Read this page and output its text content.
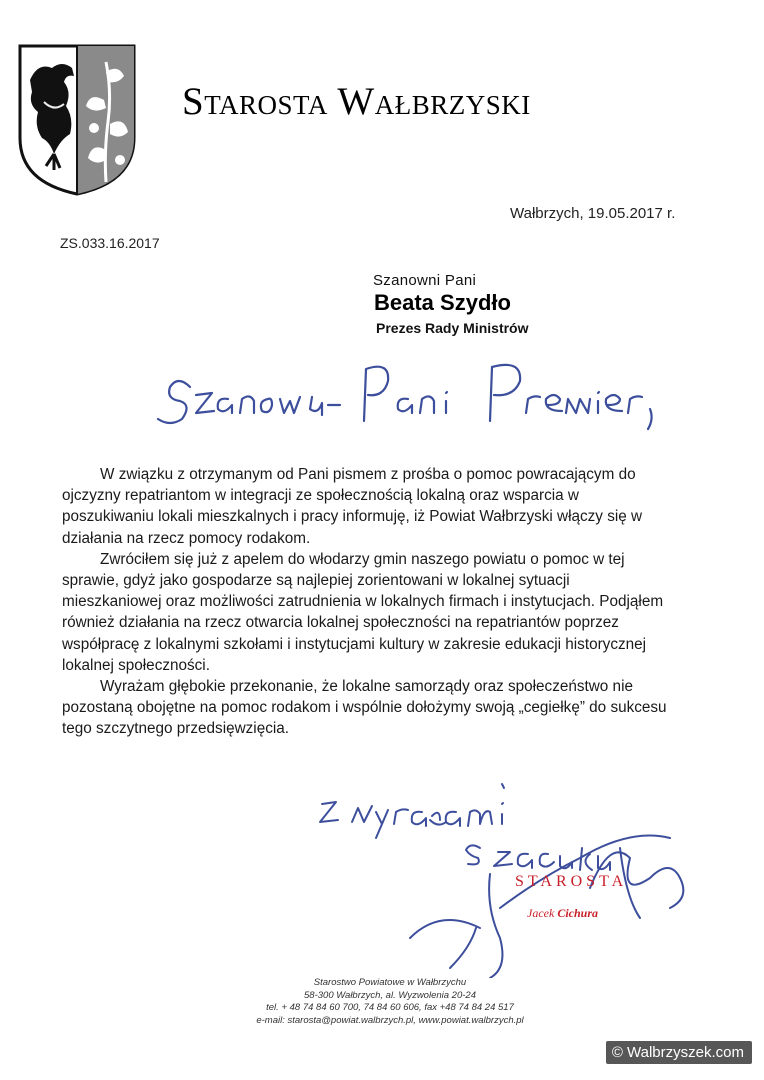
Starosta Wałbrzyski
Wałbrzych, 19.05.2017 r.
ZS.033.16.2017
Szanowni Pani
Beata Szydło
Prezes Rady Ministrów

W związku z otrzymanym od Pani pismem z prośba o pomoc powracającym do ojczyzny repatriantom w integracji ze społecznością lokalną oraz wsparcia w poszukiwaniu lokali mieszkalnych i pracy informuję, iż Powiat Wałbrzyski włączy się w działania na rzecz pomocy rodakom.

Zwróciłem się już z apelem do włodarzy gmin naszego powiatu o pomoc w tej sprawie, gdyż jako gospodarze są najlepiej zorientowani w lokalnej sytuacji mieszkaniowej oraz możliwości zatrudnienia w lokalnych firmach i instytucjach. Podjąłem również działania na rzecz otwarcia lokalnej społeczności na repatriantów poprzez współpracę z lokalnymi szkołami i instytucjami kultury w zakresie edukacji historycznej lokalnej społeczności.

Wyrażam głębokie przekonanie, że lokalne samorządy oraz społeczeństwo nie pozostaną obojętne na pomoc rodakom i wspólnie dołożymy swoją „cegiełkę” do sukcesu tego szczytnego przedsięwzięcia.

STAROSTA
Jacek Cichura
Starostwo Powiatowe w Wałbrzychu
58-300 Wałbrzych, al. Wyzwolenia 20-24
tel. + 48 74 84 60 700, 74 84 60 606, fax +48 74 84 24 517
e-mail: starosta@powiat.walbrzych.pl, www.powiat.walbrzych.pl
© Walbrzyszek.com
